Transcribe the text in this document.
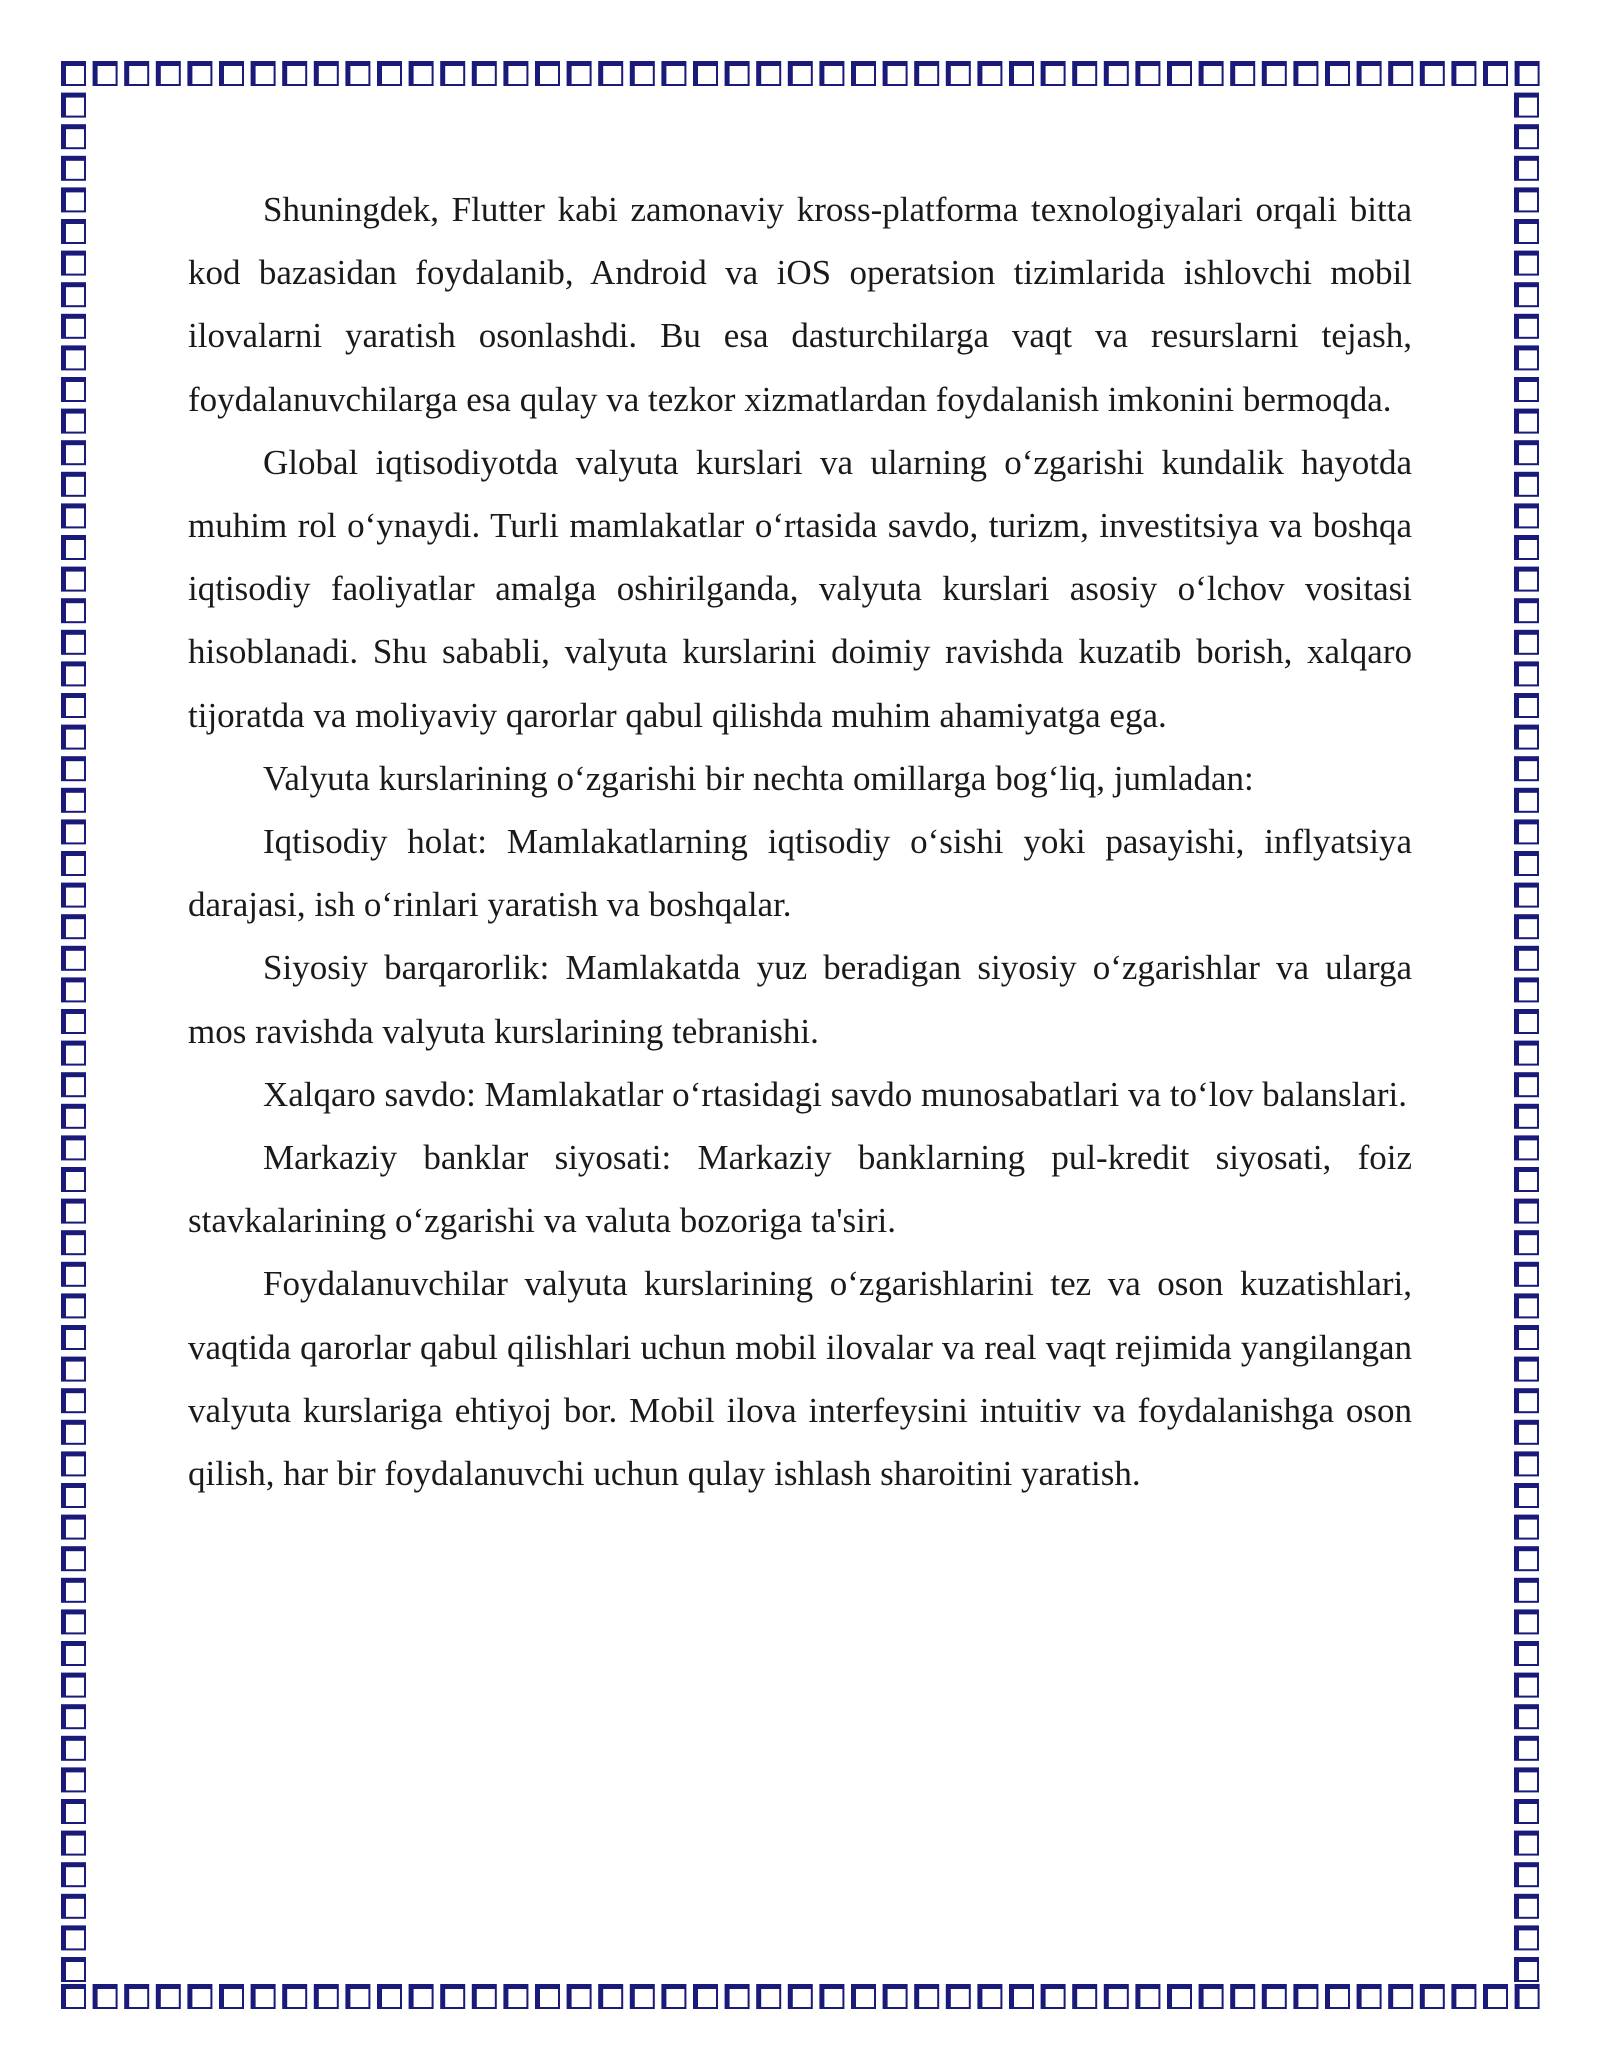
Shuningdek, Flutter kabi zamonaviy kross-platforma texnologiyalari orqali bitta kod bazasidan foydalanib, Android va iOS operatsion tizimlarida ishlovchi mobil ilovalarni yaratish osonlashdi. Bu esa dasturchilarga vaqt va resurslarni tejash, foydalanuvchilarga esa qulay va tezkor xizmatlardan foydalanish imkonini bermoqda.

Global iqtisodiyotda valyuta kurslari va ularning o‘zgarishi kundalik hayotda muhim rol o‘ynaydi. Turli mamlakatlar o‘rtasida savdo, turizm, investitsiya va boshqa iqtisodiy faoliyatlar amalga oshirilganda, valyuta kurslari asosiy o‘lchov vositasi hisoblanadi. Shu sababli, valyuta kurslarini doimiy ravishda kuzatib borish, xalqaro tijoratda va moliyaviy qarorlar qabul qilishda muhim ahamiyatga ega.

Valyuta kurslarining o‘zgarishi bir nechta omillarga bog‘liq, jumladan:

Iqtisodiy holat: Mamlakatlarning iqtisodiy o‘sishi yoki pasayishi, inflyatsiya darajasi, ish o‘rinlari yaratish va boshqalar.

Siyosiy barqarorlik: Mamlakatda yuz beradigan siyosiy o‘zgarishlar va ularga mos ravishda valyuta kurslarining tebranishi.

Xalqaro savdo: Mamlakatlar o‘rtasidagi savdo munosabatlari va to‘lov balanslari.

Markaziy banklar siyosati: Markaziy banklarning pul-kredit siyosati, foiz stavkalarining o‘zgarishi va valuta bozoriga ta'siri.

Foydalanuvchilar valyuta kurslarining o‘zgarishlarini tez va oson kuzatishlari, vaqtida qarorlar qabul qilishlari uchun mobil ilovalar va real vaqt rejimida yangilangan valyuta kurslariga ehtiyoj bor. Mobil ilova interfeysini intuitiv va foydalanishga oson qilish, har bir foydalanuvchi uchun qulay ishlash sharoitini yaratish.
